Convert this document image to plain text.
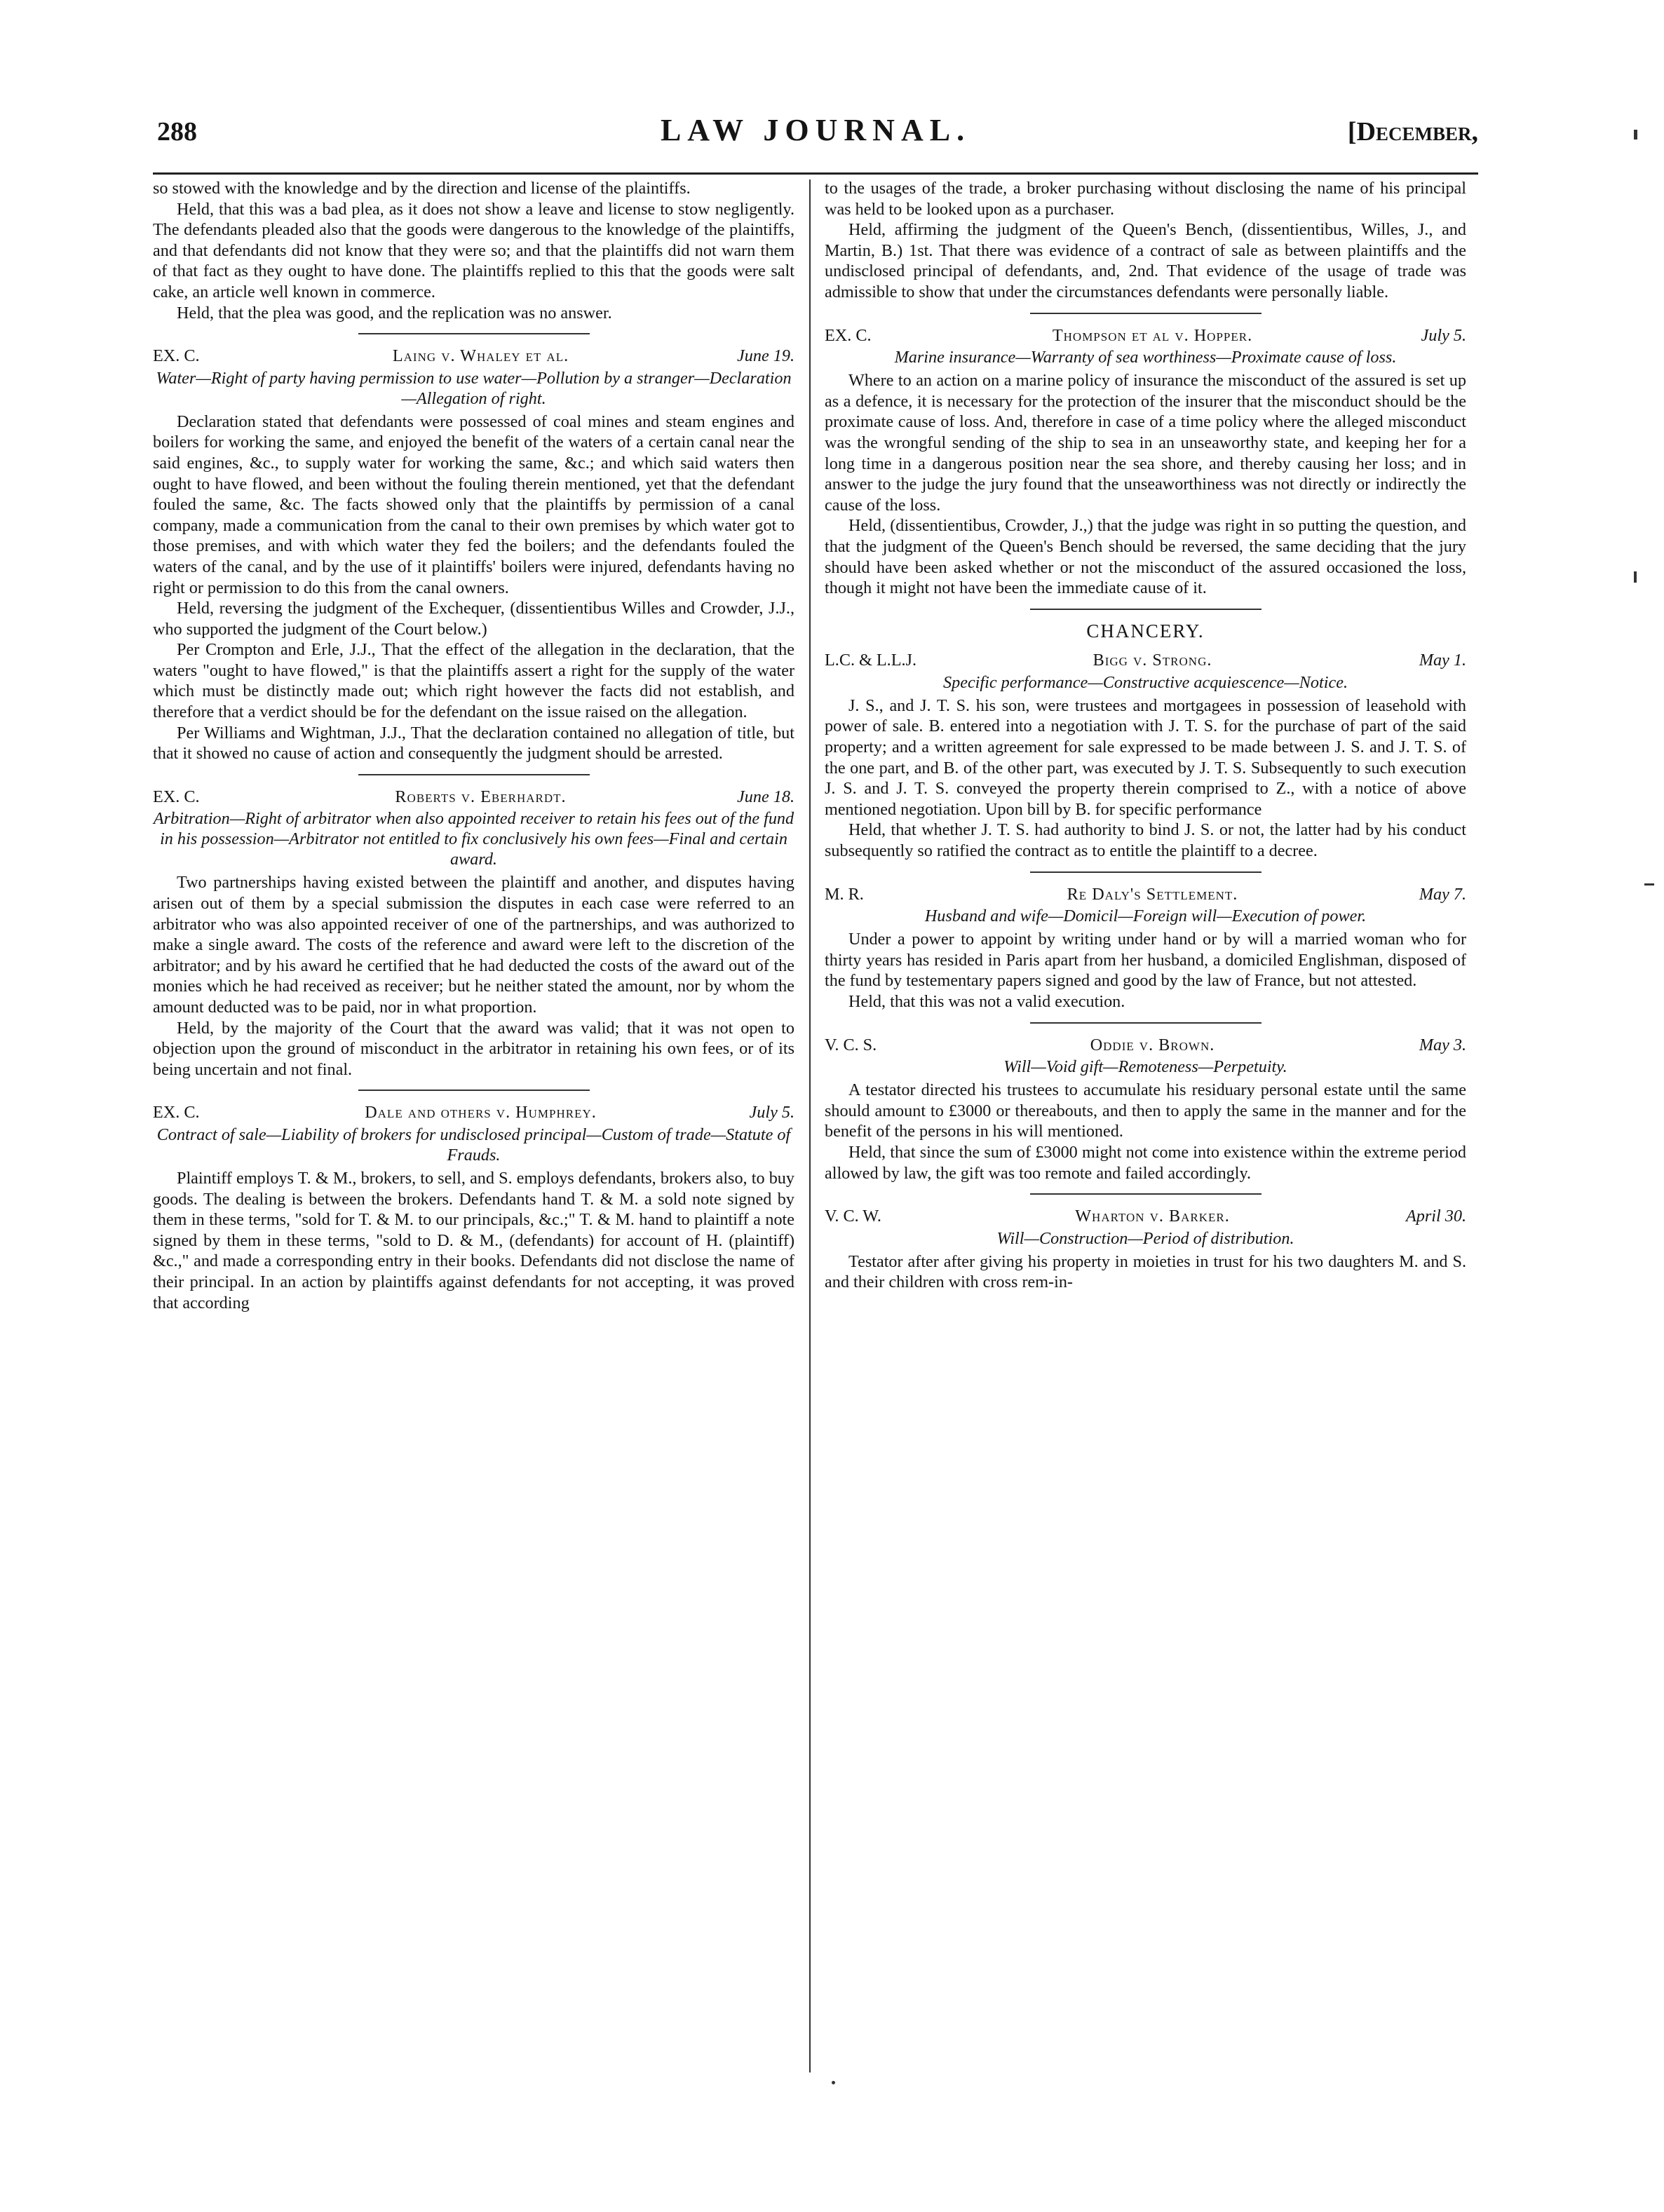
288	LAW JOURNAL.	[December,

so stowed with the knowledge and by the direction and license of the plaintiffs.

Held, that this was a bad plea, as it does not show a leave and license to stow negligently. The defendants pleaded also that the goods were dangerous to the knowledge of the plaintiffs, and that defendants did not know that they were so; and that the plaintiffs did not warn them of that fact as they ought to have done. The plaintiffs replied to this that the goods were salt cake, an article well known in commerce.

Held, that the plea was good, and the replication was no answer.

EX. C.	Laing v. Whaley et al.	June 19.
Water—Right of party having permission to use water—Pollution by a stranger—Declaration—Allegation of right.

Declaration stated that defendants were possessed of coal mines and steam engines and boilers for working the same, and enjoyed the benefit of the waters of a certain canal near the said engines, &c., to supply water for working the same, &c.; and which said waters then ought to have flowed, and been without the fouling therein mentioned, yet that the defendant fouled the same, &c. The facts showed only that the plaintiffs by permission of a canal company, made a communication from the canal to their own premises by which water got to those premises, and with which water they fed the boilers; and the defendants fouled the waters of the canal, and by the use of it plaintiffs' boilers were injured, defendants having no right or permission to do this from the canal owners.

Held, reversing the judgment of the Exchequer, (dissentientibus Willes and Crowder, J.J., who supported the judgment of the Court below.)

Per Crompton and Erle, J.J., That the effect of the allegation in the declaration, that the waters "ought to have flowed," is that the plaintiffs assert a right for the supply of the water which must be distinctly made out; which right however the facts did not establish, and therefore that a verdict should be for the defendant on the issue raised on the allegation.

Per Williams and Wightman, J.J., That the declaration contained no allegation of title, but that it showed no cause of action and consequently the judgment should be arrested.

EX. C.	Roberts v. Eberhardt.	June 18.
Arbitration—Right of arbitrator when also appointed receiver to retain his fees out of the fund in his possession—Arbitrator not entitled to fix conclusively his own fees—Final and certain award.

Two partnerships having existed between the plaintiff and another, and disputes having arisen out of them by a special submission the disputes in each case were referred to an arbitrator who was also appointed receiver of one of the partnerships, and was authorized to make a single award. The costs of the reference and award were left to the discretion of the arbitrator; and by his award he certified that he had deducted the costs of the award out of the monies which he had received as receiver; but he neither stated the amount, nor by whom the amount deducted was to be paid, nor in what proportion.

Held, by the majority of the Court that the award was valid; that it was not open to objection upon the ground of misconduct in the arbitrator in retaining his own fees, or of its being uncertain and not final.

EX. C.	Dale and others v. Humphrey.	July 5.
Contract of sale—Liability of brokers for undisclosed principal—Custom of trade—Statute of Frauds.

Plaintiff employs T. & M., brokers, to sell, and S. employs defendants, brokers also, to buy goods. The dealing is between the brokers. Defendants hand T. & M. a sold note signed by them in these terms, "sold for T. & M. to our principals, &c.;" T. & M. hand to plaintiff a note signed by them in these terms, "sold to D. & M., (defendants) for account of H. (plaintiff) &c.," and made a corresponding entry in their books. Defendants did not disclose the name of their principal. In an action by plaintiffs against defendants for not accepting, it was proved that according

to the usages of the trade, a broker purchasing without disclosing the name of his principal was held to be looked upon as a purchaser.

Held, affirming the judgment of the Queen's Bench, (dissentientibus, Willes, J., and Martin, B.) 1st. That there was evidence of a contract of sale as between plaintiffs and the undisclosed principal of defendants, and, 2nd. That evidence of the usage of trade was admissible to show that under the circumstances defendants were personally liable.

EX. C.	Thompson et al v. Hopper.	July 5.
Marine insurance—Warranty of sea worthiness—Proximate cause of loss.

Where to an action on a marine policy of insurance the misconduct of the assured is set up as a defence, it is necessary for the protection of the insurer that the misconduct should be the proximate cause of loss. And, therefore in case of a time policy where the alleged misconduct was the wrongful sending of the ship to sea in an unseaworthy state, and keeping her for a long time in a dangerous position near the sea shore, and thereby causing her loss; and in answer to the judge the jury found that the unseaworthiness was not directly or indirectly the cause of the loss.

Held, (dissentientibus, Crowder, J.,) that the judge was right in so putting the question, and that the judgment of the Queen's Bench should be reversed, the same deciding that the jury should have been asked whether or not the misconduct of the assured occasioned the loss, though it might not have been the immediate cause of it.

CHANCERY.
L.C. & L.L.J.	Bigg v. Strong.	May 1.
Specific performance—Constructive acquiescence—Notice.

J. S., and J. T. S. his son, were trustees and mortgagees in possession of leasehold with power of sale. B. entered into a negotiation with J. T. S. for the purchase of part of the said property; and a written agreement for sale expressed to be made between J. S. and J. T. S. of the one part, and B. of the other part, was executed by J. T. S. Subsequently to such execution J. S. and J. T. S. conveyed the property therein comprised to Z., with a notice of above mentioned negotiation. Upon bill by B. for specific performance

Held, that whether J. T. S. had authority to bind J. S. or not, the latter had by his conduct subsequently so ratified the contract as to entitle the plaintiff to a decree.

M. R.	Re Daly's Settlement.	May 7.
Husband and wife—Domicil—Foreign will—Execution of power.

Under a power to appoint by writing under hand or by will a married woman who for thirty years has resided in Paris apart from her husband, a domiciled Englishman, disposed of the fund by testementary papers signed and good by the law of France, but not attested.

Held, that this was not a valid execution.

V. C. S.	Oddie v. Brown.	May 3.
Will—Void gift—Remoteness—Perpetuity.

A testator directed his trustees to accumulate his residuary personal estate until the same should amount to £3000 or thereabouts, and then to apply the same in the manner and for the benefit of the persons in his will mentioned.

Held, that since the sum of £3000 might not come into existence within the extreme period allowed by law, the gift was too remote and failed accordingly.

V. C. W.	Wharton v. Barker.	April 30.
Will—Construction—Period of distribution.

Testator after after giving his property in moieties in trust for his two daughters M. and S. and their children with cross rem-in-
